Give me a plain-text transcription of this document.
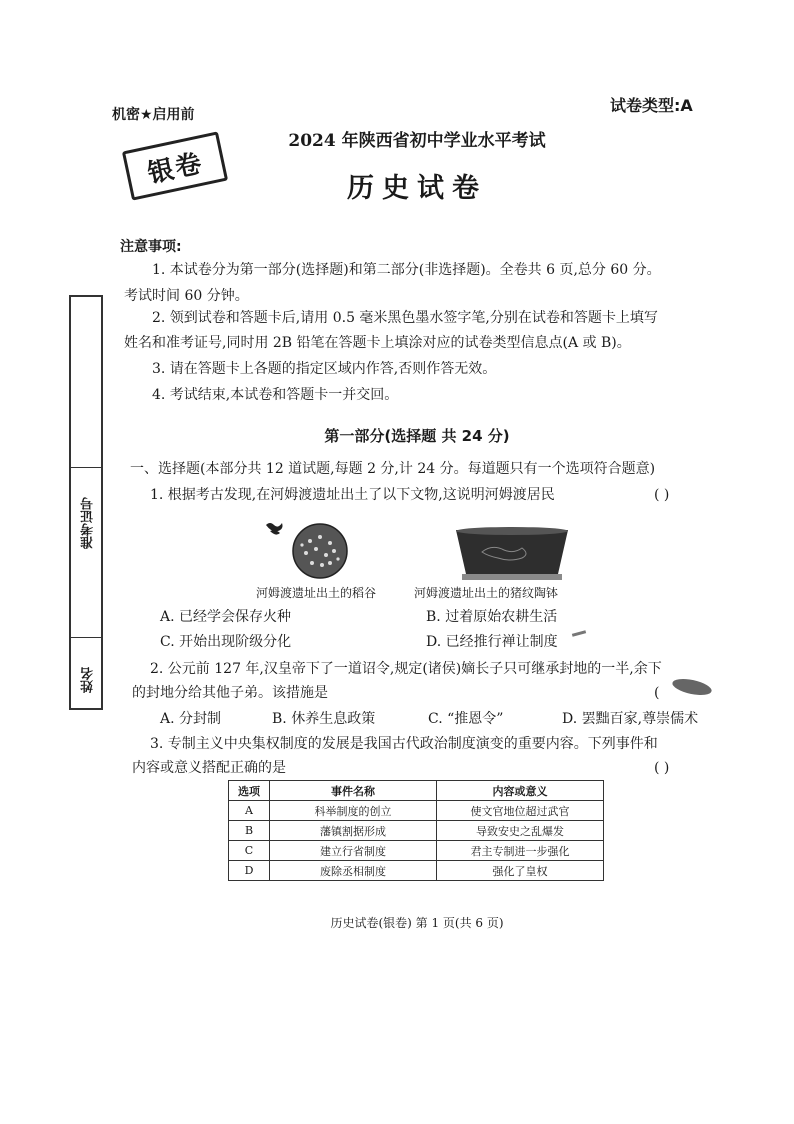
试卷类型:A
机密★启用前
2024 年陕西省初中学业水平考试
银卷	历史试卷
注意事项:
1. 本试卷分为第一部分(选择题)和第二部分(非选择题)。全卷共 6 页,总分 60 分。
考试时间 60 分钟。
2. 领到试卷和答题卡后,请用 0.5 毫米黑色墨水签字笔,分别在试卷和答题卡上填写
姓名和准考证号,同时用 2B 铅笔在答题卡上填涂对应的试卷类型信息点(A 或 B)。
3. 请在答题卡上各题的指定区域内作答,否则作答无效。
4. 考试结束,本试卷和答题卡一并交回。
准考证号
姓名
第一部分(选择题 共 24 分)
一、选择题(本部分共 12 道试题,每题 2 分,计 24 分。每道题只有一个选项符合题意)
1. 根据考古发现,在河姆渡遗址出土了以下文物,这说明河姆渡居民	( )
河姆渡遗址出土的稻谷	河姆渡遗址出土的猪纹陶钵
A. 已经学会保存火种	B. 过着原始农耕生活
C. 开始出现阶级分化	D. 已经推行禅让制度
2. 公元前 127 年,汉皇帝下了一道诏令,规定(诸侯)嫡长子只可继承封地的一半,余下
的封地分给其他子弟。该措施是	(
A. 分封制	B. 休养生息政策	C. “推恩令”	D. 罢黜百家,尊崇儒术
3. 专制主义中央集权制度的发展是我国古代政治制度演变的重要内容。下列事件和
内容或意义搭配正确的是	( )
选项	事件名称	内容或意义
A	科举制度的创立	使文官地位超过武官
B	藩镇割据形成	导致安史之乱爆发
C	建立行省制度	君主专制进一步强化
D	废除丞相制度	强化了皇权
历史试卷(银卷) 第 1 页(共 6 页)
